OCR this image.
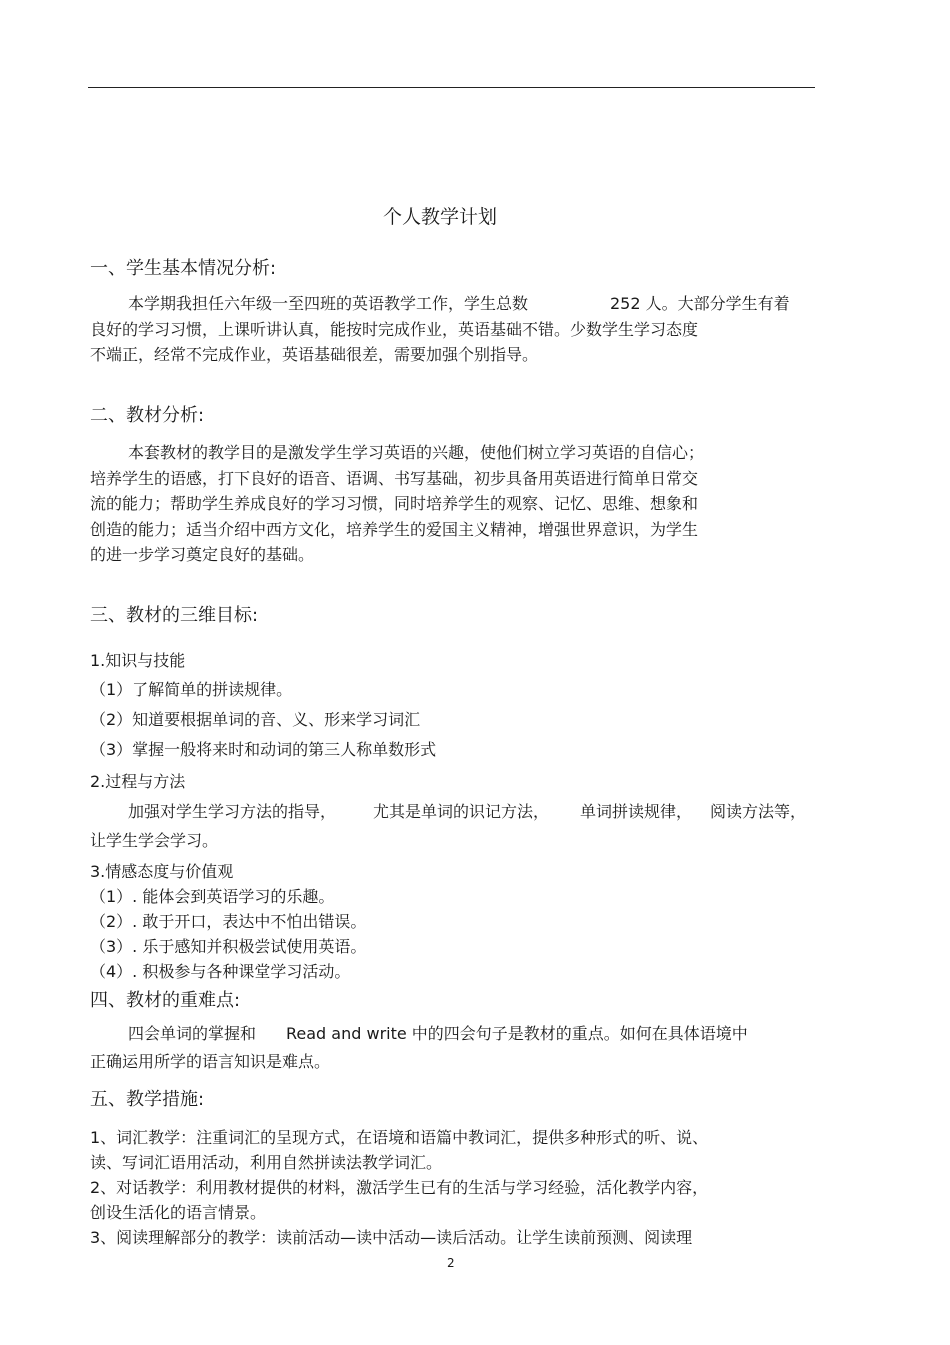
个人教学计划
一、学生基本情况分析:
本学期我担任六年级一至四班的英语教学工作，学生总数	252 人。大部分学生有着
良好的学习习惯，上课听讲认真，能按时完成作业，英语基础不错。少数学生学习态度
不端正，经常不完成作业，英语基础很差，需要加强个别指导。
二、教材分析:
本套教材的教学目的是激发学生学习英语的兴趣，使他们树立学习英语的自信心；
培养学生的语感，打下良好的语音、语调、书写基础，初步具备用英语进行简单日常交
流的能力；帮助学生养成良好的学习习惯，同时培养学生的观察、记忆、思维、想象和
创造的能力；适当介绍中西方文化，培养学生的爱国主义精神，增强世界意识，为学生
的进一步学习奠定良好的基础。
三、教材的三维目标:
1.知识与技能
（1）了解简单的拼读规律。
（2）知道要根据单词的音、义、形来学习词汇
（3）掌握一般将来时和动词的第三人称单数形式
2.过程与方法
加强对学生学习方法的指导， 尤其是单词的识记方法， 单词拼读规律， 阅读方法等，
让学生学会学习。
3.情感态度与价值观
（1）. 能体会到英语学习的乐趣。
（2）. 敢于开口，表达中不怕出错误。
（3）. 乐于感知并积极尝试使用英语。
（4）. 积极参与各种课堂学习活动。
四、教材的重难点:
四会单词的掌握和 Read and write 中的四会句子是教材的重点。如何在具体语境中
正确运用所学的语言知识是难点。
五、教学措施:
1、词汇教学：注重词汇的呈现方式，在语境和语篇中教词汇，提供多种形式的听、说、
读、写词汇语用活动，利用自然拼读法教学词汇。
2、对话教学：利用教材提供的材料，激活学生已有的生活与学习经验，活化教学内容，
创设生活化的语言情景。
3、阅读理解部分的教学：读前活动—读中活动—读后活动。让学生读前预测、阅读理
2
